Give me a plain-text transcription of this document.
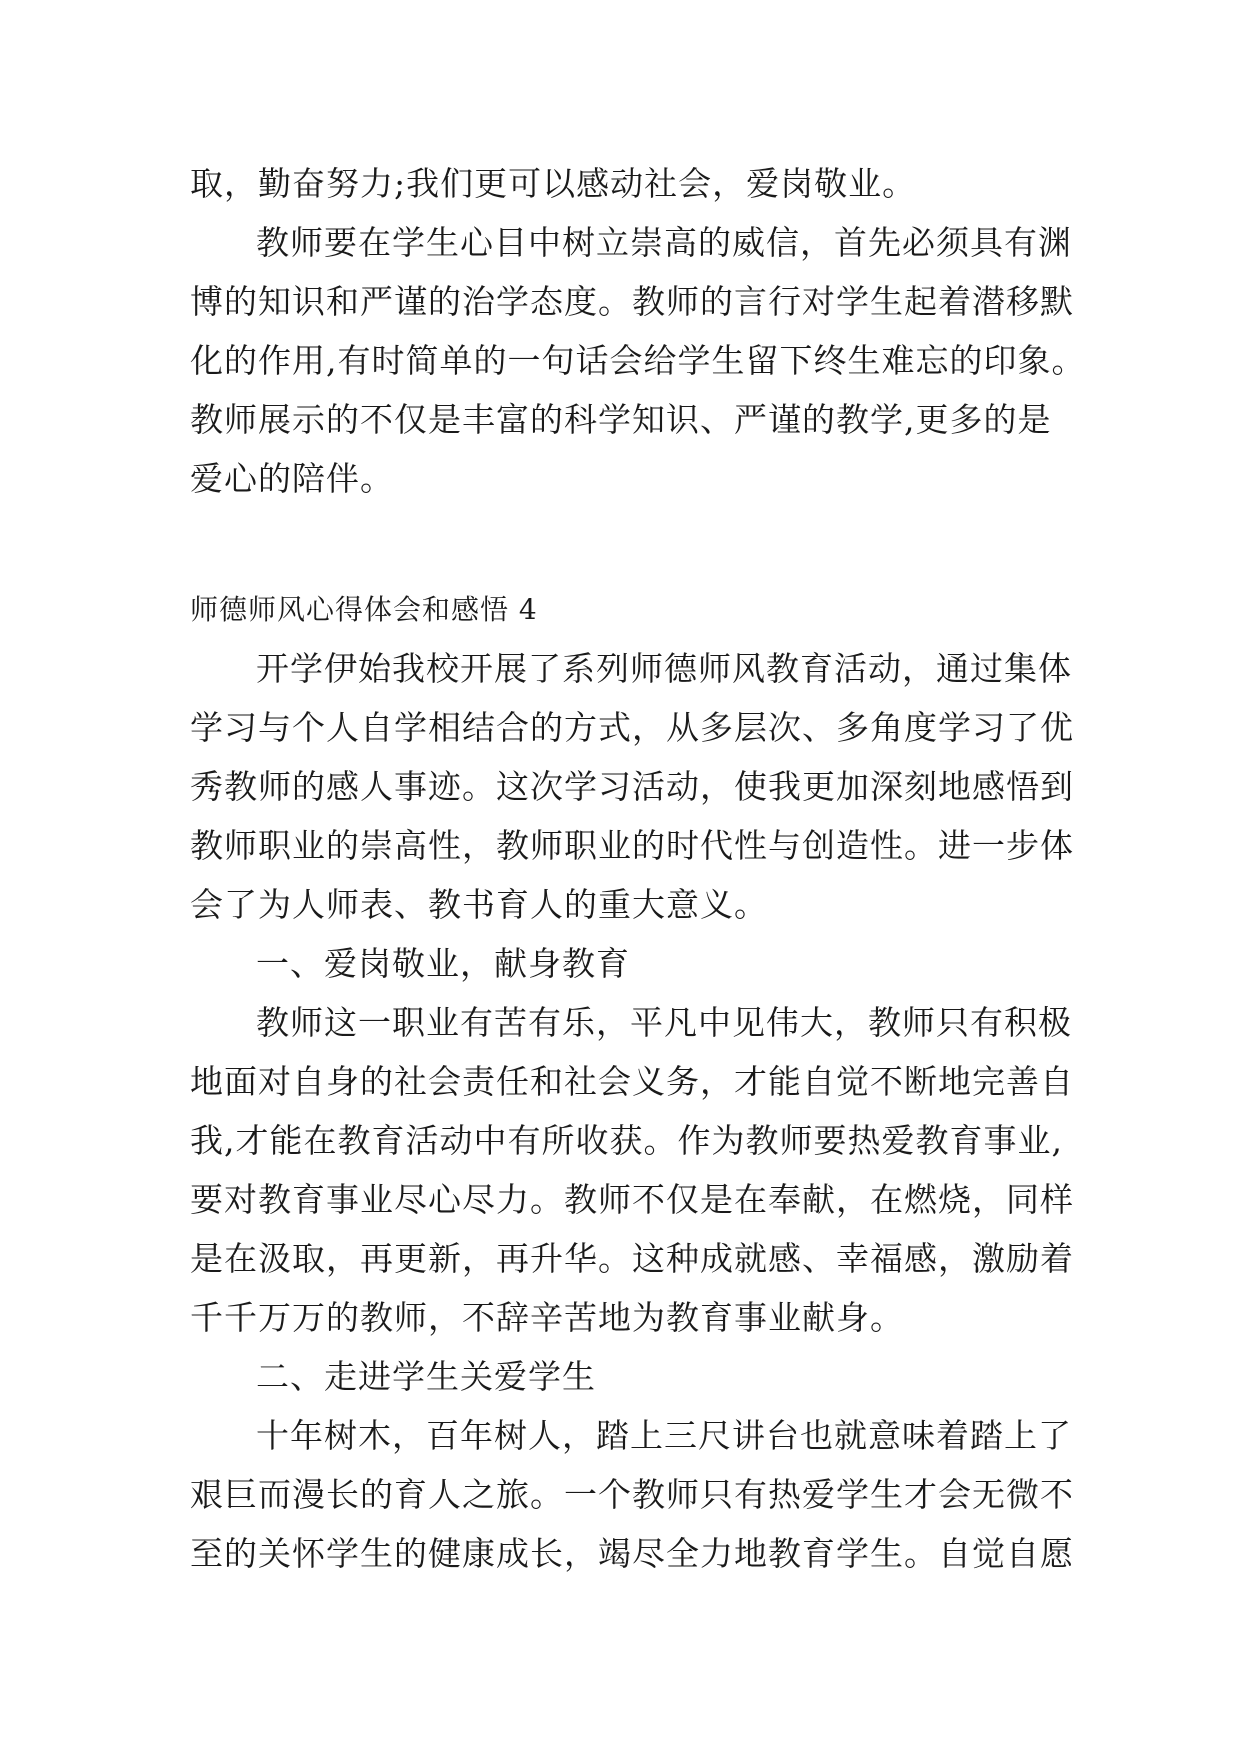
取，勤奋努力;我们更可以感动社会，爱岗敬业。
教师要在学生心目中树立崇高的威信，首先必须具有渊
博的知识和严谨的治学态度。教师的言行对学生起着潜移默
化的作用,有时简单的一句话会给学生留下终生难忘的印象。
教师展示的不仅是丰富的科学知识、严谨的教学,更多的是
爱心的陪伴。
师德师风心得体会和感悟 4
开学伊始我校开展了系列师德师风教育活动，通过集体
学习与个人自学相结合的方式，从多层次、多角度学习了优
秀教师的感人事迹。这次学习活动，使我更加深刻地感悟到
教师职业的崇高性，教师职业的时代性与创造性。进一步体
会了为人师表、教书育人的重大意义。
一、爱岗敬业，献身教育
教师这一职业有苦有乐，平凡中见伟大，教师只有积极
地面对自身的社会责任和社会义务，才能自觉不断地完善自
我,才能在教育活动中有所收获。作为教师要热爱教育事业,
要对教育事业尽心尽力。教师不仅是在奉献，在燃烧，同样
是在汲取，再更新，再升华。这种成就感、幸福感，激励着
千千万万的教师，不辞辛苦地为教育事业献身。
二、走进学生关爱学生
十年树木，百年树人，踏上三尺讲台也就意味着踏上了
艰巨而漫长的育人之旅。一个教师只有热爱学生才会无微不
至的关怀学生的健康成长，竭尽全力地教育学生。自觉自愿
